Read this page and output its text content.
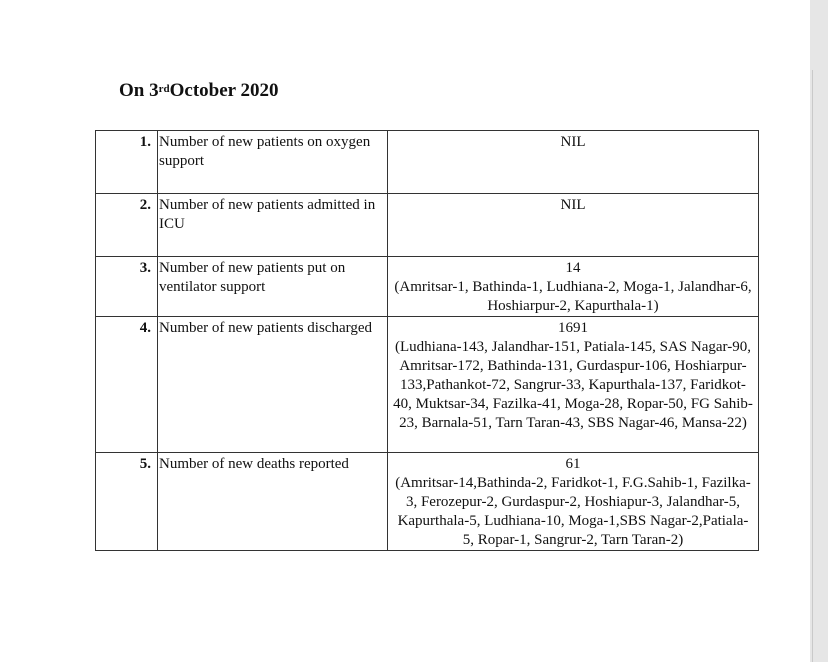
On 3rdOctober 2020
1.	Number of new patients on oxygen support	NIL

2.	Number of new patients admitted in ICU	NIL

3.	Number of new patients put on ventilator support	14
(Amritsar-1, Bathinda-1, Ludhiana-2, Moga-1, Jalandhar-6, Hoshiarpur-2, Kapurthala-1)

4.	Number of new patients discharged	1691
(Ludhiana-143, Jalandhar-151, Patiala-145, SAS Nagar-90, Amritsar-172, Bathinda-131, Gurdaspur-106, Hoshiarpur-133,Pathankot-72, Sangrur-33, Kapurthala-137, Faridkot-40, Muktsar-34, Fazilka-41, Moga-28, Ropar-50, FG Sahib-23, Barnala-51, Tarn Taran-43, SBS Nagar-46, Mansa-22)

5.	Number of new deaths reported	61
(Amritsar-14,Bathinda-2, Faridkot-1, F.G.Sahib-1, Fazilka-3, Ferozepur-2, Gurdaspur-2, Hoshiapur-3, Jalandhar-5, Kapurthala-5, Ludhiana-10, Moga-1,SBS Nagar-2,Patiala-5, Ropar-1, Sangrur-2, Tarn Taran-2)
